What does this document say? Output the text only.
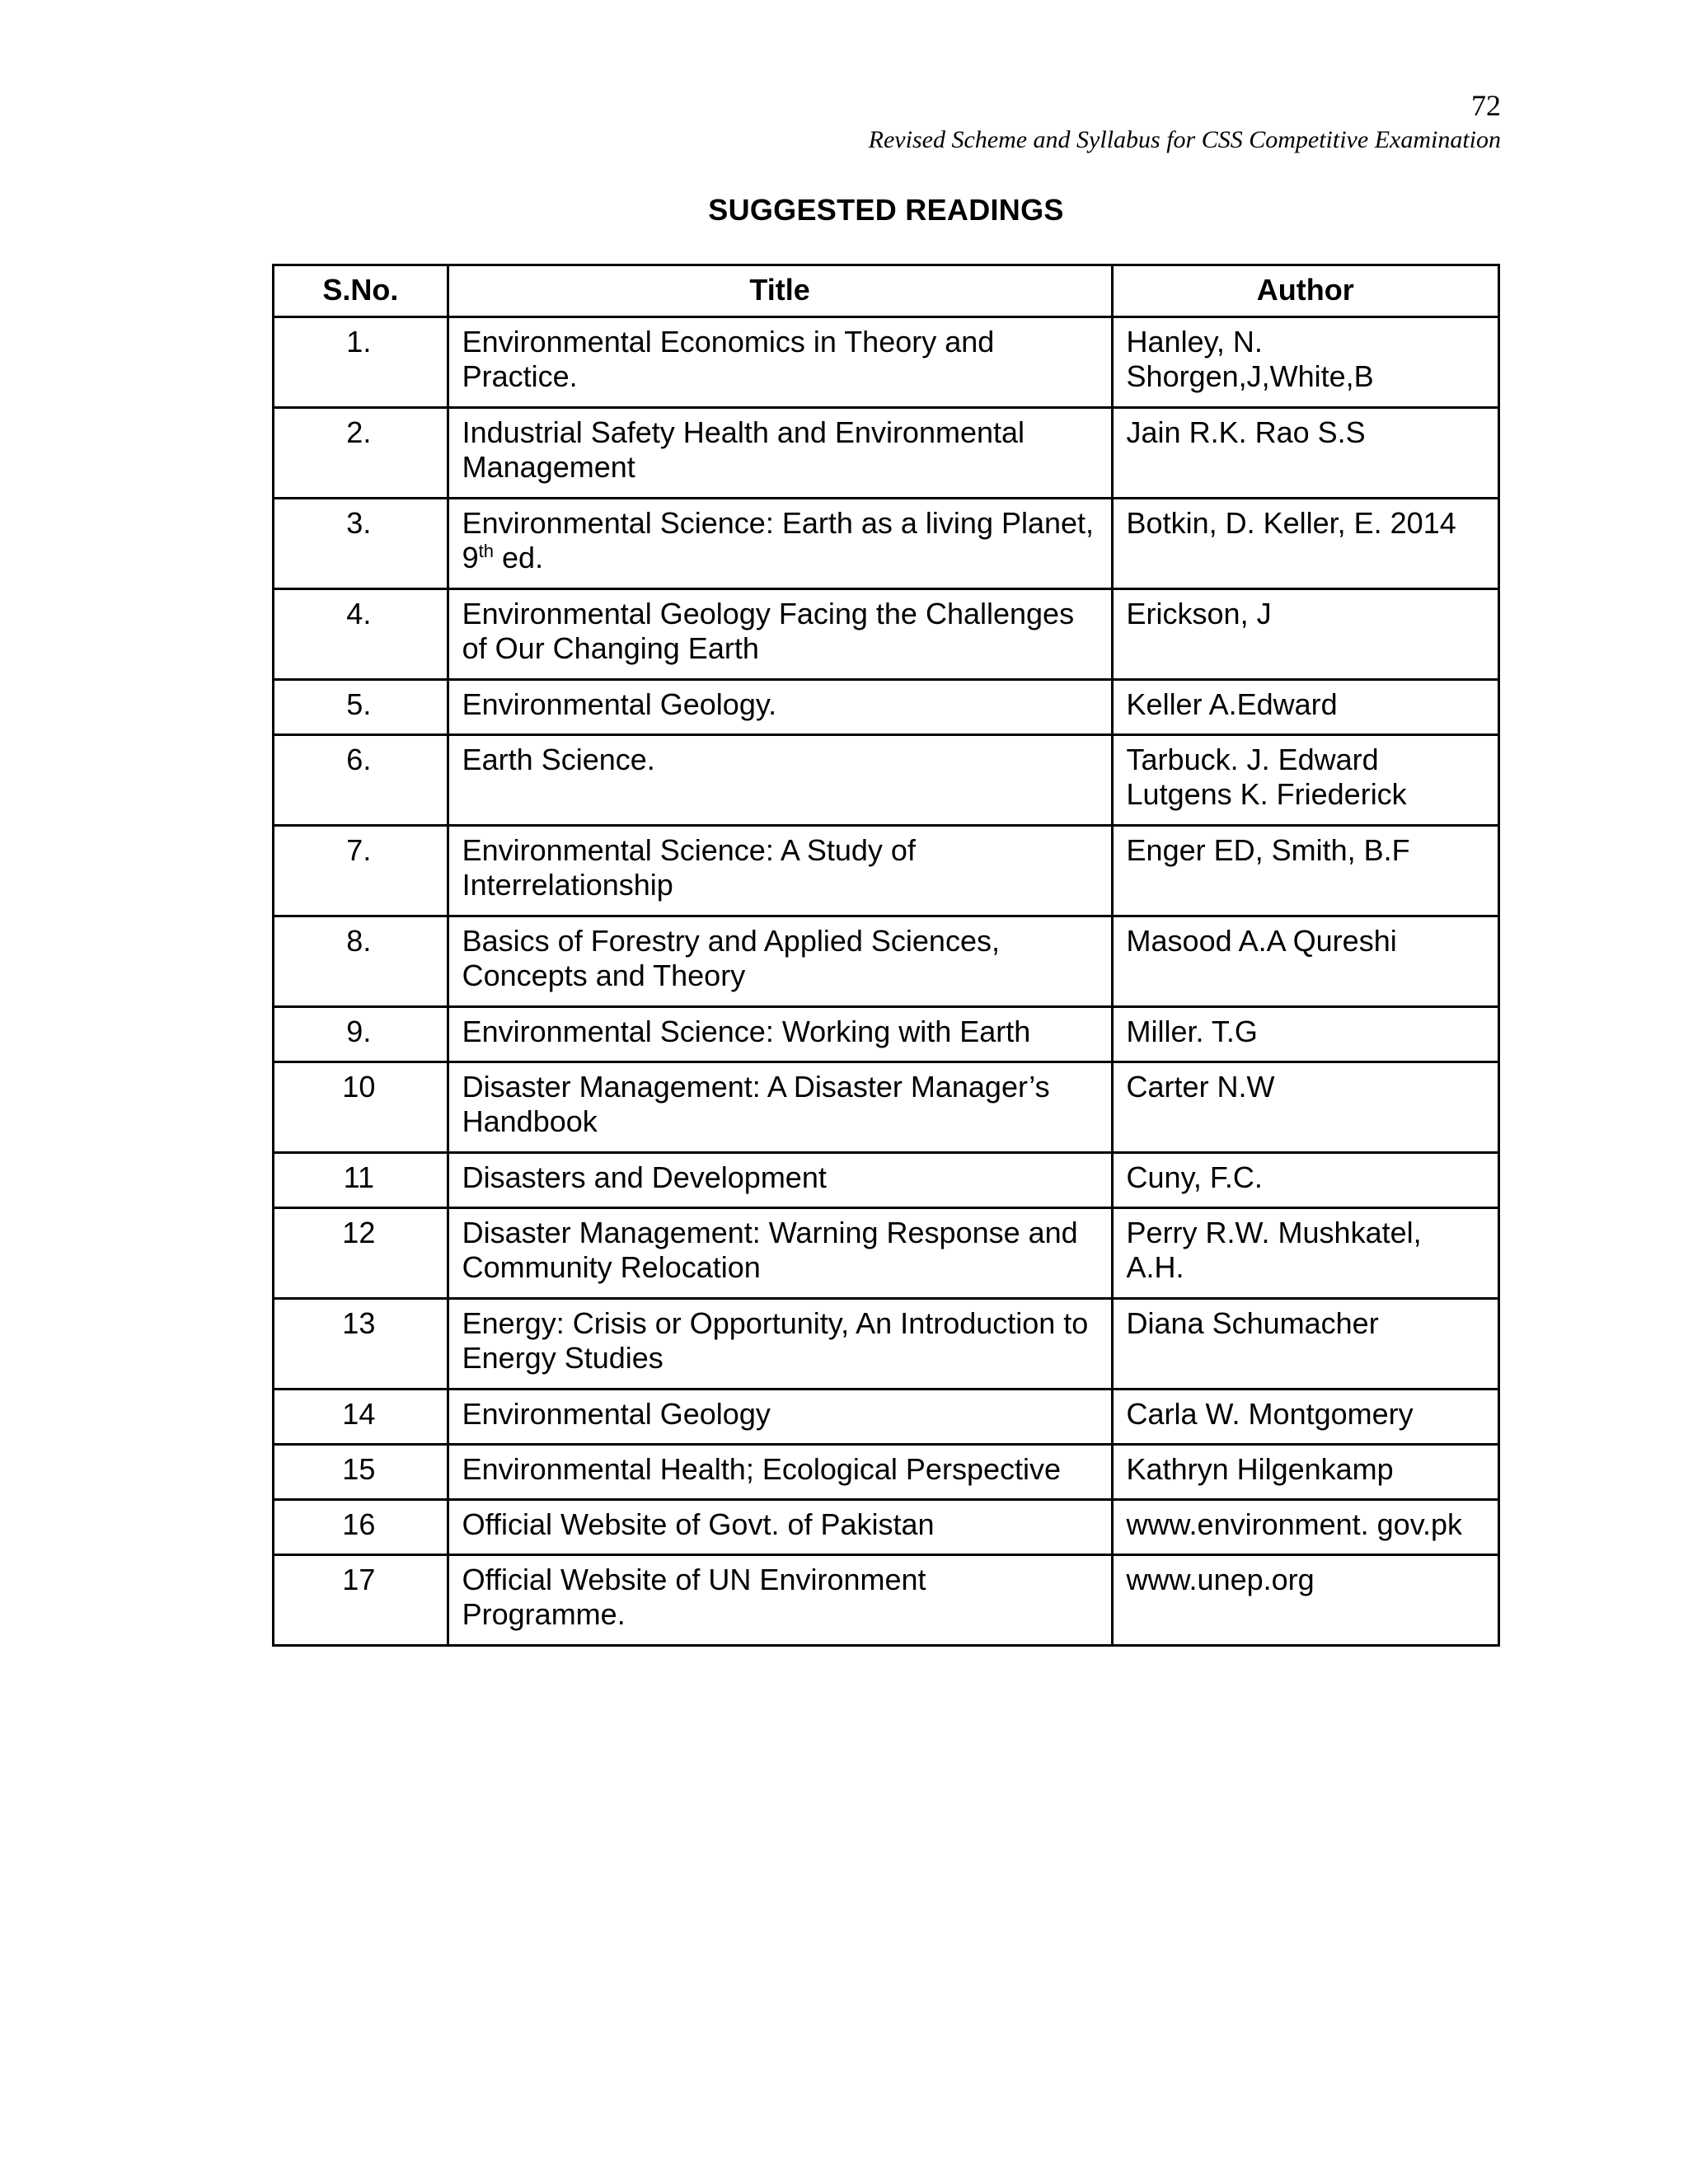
72
Revised Scheme and Syllabus for CSS Competitive Examination
SUGGESTED READINGS
S.No.	Title	Author
1.	Environmental Economics in Theory and Practice.	Hanley, N. Shorgen,J,White,B
2.	Industrial Safety Health and Environmental Management	Jain R.K. Rao S.S
3.	Environmental Science: Earth as a living Planet, 9th ed.	Botkin, D. Keller, E. 2014
4.	Environmental Geology Facing the Challenges of Our Changing Earth	Erickson, J
5.	Environmental Geology.	Keller A.Edward
6.	Earth Science.	Tarbuck. J. Edward Lutgens K. Friederick
7.	Environmental Science: A Study of Interrelationship	Enger ED, Smith, B.F
8.	Basics of Forestry and Applied Sciences, Concepts and Theory	Masood A.A Qureshi
9.	Environmental Science: Working with Earth	Miller. T.G
10	Disaster Management: A Disaster Manager’s Handbook	Carter N.W
11	Disasters and Development	Cuny, F.C.
12	Disaster Management: Warning Response and Community Relocation	Perry R.W. Mushkatel, A.H.
13	Energy: Crisis or Opportunity, An Introduction to Energy Studies	Diana Schumacher
14	Environmental Geology	Carla W. Montgomery
15	Environmental Health; Ecological Perspective	Kathryn Hilgenkamp
16	Official Website of Govt. of Pakistan	www.environment. gov.pk
17	Official Website of UN Environment Programme.	www.unep.org
